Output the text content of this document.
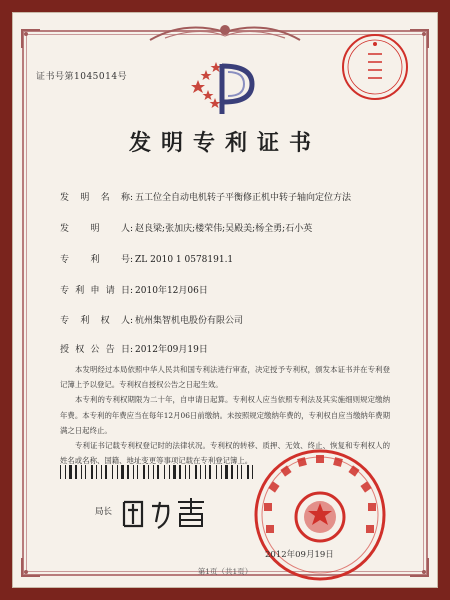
证书号第1045014号
发明专利证书
发 明 名 称: 五工位全自动电机转子平衡修正机中转子轴向定位方法
发 明 人: 赵良梁;张加庆;楼荣伟;吴殿美;杨全勇;石小英
专 利 号: ZL 2010 1 0578191.1
专利申请日: 2010年12月06日
专 利 权 人: 杭州集智机电股份有限公司
授权公告日: 2012年09月19日

本发明经过本局依照中华人民共和国专利法进行审查，决定授予专利权，颁发本证书并在专利登记簿上予以登记。专利权自授权公告之日起生效。

本专利的专利权期限为二十年，自申请日起算。专利权人应当依照专利法及其实施细则规定缴纳年费。本专利的年费应当在每年12月06日前缴纳。未按照规定缴纳年费的，专利权自应当缴纳年费期满之日起终止。

专利证书记载专利权登记时的法律状况。专利权的转移、质押、无效、终止、恢复和专利权人的姓名或名称、国籍、地址变更等事项记载在专利登记簿上。

局长
2012年09月19日
第1页（共1页）
